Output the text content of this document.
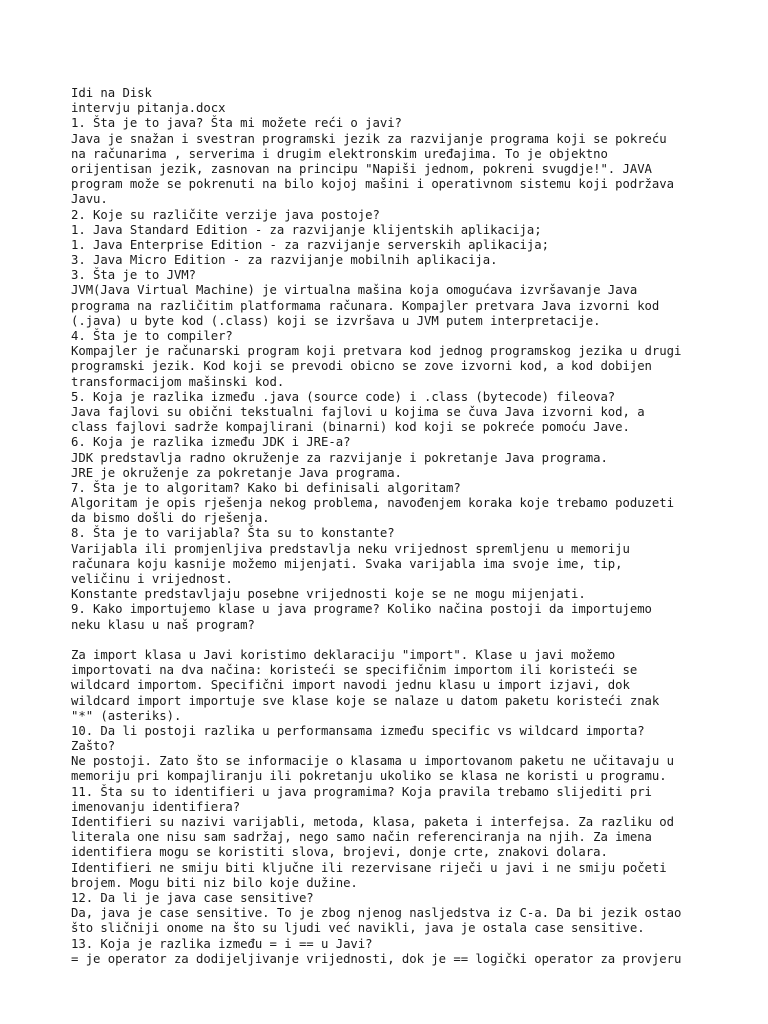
Idi na Disk
intervju pitanja.docx
1. Šta je to java? Šta mi možete reći o javi?
Java je snažan i svestran programski jezik za razvijanje programa koji se pokreću
na računarima , serverima i drugim elektronskim uređajima. To je objektno
orijentisan jezik, zasnovan na principu "Napiši jednom, pokreni svugdje!". JAVA
program može se pokrenuti na bilo kojoj mašini i operativnom sistemu koji podržava
Javu.
2. Koje su različite verzije java postoje?
1. Java Standard Edition - za razvijanje klijentskih aplikacija;
1. Java Enterprise Edition - za razvijanje serverskih aplikacija;
3. Java Micro Edition - za razvijanje mobilnih aplikacija.
3. Šta je to JVM?
JVM(Java Virtual Machine) je virtualna mašina koja omogućava izvršavanje Java
programa na različitim platformama računara. Kompajler pretvara Java izvorni kod
(.java) u byte kod (.class) koji se izvršava u JVM putem interpretacije.
4. Šta je to compiler?
Kompajler je računarski program koji pretvara kod jednog programskog jezika u drugi
programski jezik. Kod koji se prevodi obicno se zove izvorni kod, a kod dobijen
transformacijom mašinski kod.
5. Koja je razlika između .java (source code) i .class (bytecode) fileova?
Java fajlovi su obični tekstualni fajlovi u kojima se čuva Java izvorni kod, a
class fajlovi sadrže kompajlirani (binarni) kod koji se pokreće pomoću Jave.
6. Koja je razlika između JDK i JRE-a?
JDK predstavlja radno okruženje za razvijanje i pokretanje Java programa.
JRE je okruženje za pokretanje Java programa.
7. Šta je to algoritam? Kako bi definisali algoritam?
Algoritam je opis rješenja nekog problema, navođenjem koraka koje trebamo poduzeti
da bismo došli do rješenja.
8. Šta je to varijabla? Šta su to konstante?
Varijabla ili promjenljiva predstavlja neku vrijednost spremljenu u memoriju
računara koju kasnije možemo mijenjati. Svaka varijabla ima svoje ime, tip,
veličinu i vrijednost.
Konstante predstavljaju posebne vrijednosti koje se ne mogu mijenjati.
9. Kako importujemo klase u java programe? Koliko načina postoji da importujemo
neku klasu u naš program?
Za import klasa u Javi koristimo deklaraciju "import". Klase u javi možemo
importovati na dva načina: koristeći se specifičnim importom ili koristeći se
wildcard importom. Specifični import navodi jednu klasu u import izjavi, dok
wildcard import importuje sve klase koje se nalaze u datom paketu koristeći znak
"*" (asteriks).
10. Da li postoji razlika u performansama između specific vs wildcard importa?
Zašto?
Ne postoji. Zato što se informacije o klasama u importovanom paketu ne učitavaju u
memoriju pri kompajliranju ili pokretanju ukoliko se klasa ne koristi u programu.
11. Šta su to identifieri u java programima? Koja pravila trebamo slijediti pri
imenovanju identifiera?
Identifieri su nazivi varijabli, metoda, klasa, paketa i interfejsa. Za razliku od
literala one nisu sam sadržaj, nego samo način referenciranja na njih. Za imena
identifiera mogu se koristiti slova, brojevi, donje crte, znakovi dolara.
Identifieri ne smiju biti ključne ili rezervisane riječi u javi i ne smiju početi
brojem. Mogu biti niz bilo koje dužine.
12. Da li je java case sensitive?
Da, java je case sensitive. To je zbog njenog nasljedstva iz C-a. Da bi jezik ostao
što sličniji onome na što su ljudi već navikli, java je ostala case sensitive.
13. Koja je razlika između = i == u Javi?
= je operator za dodijeljivanje vrijednosti, dok je == logički operator za provjeru
